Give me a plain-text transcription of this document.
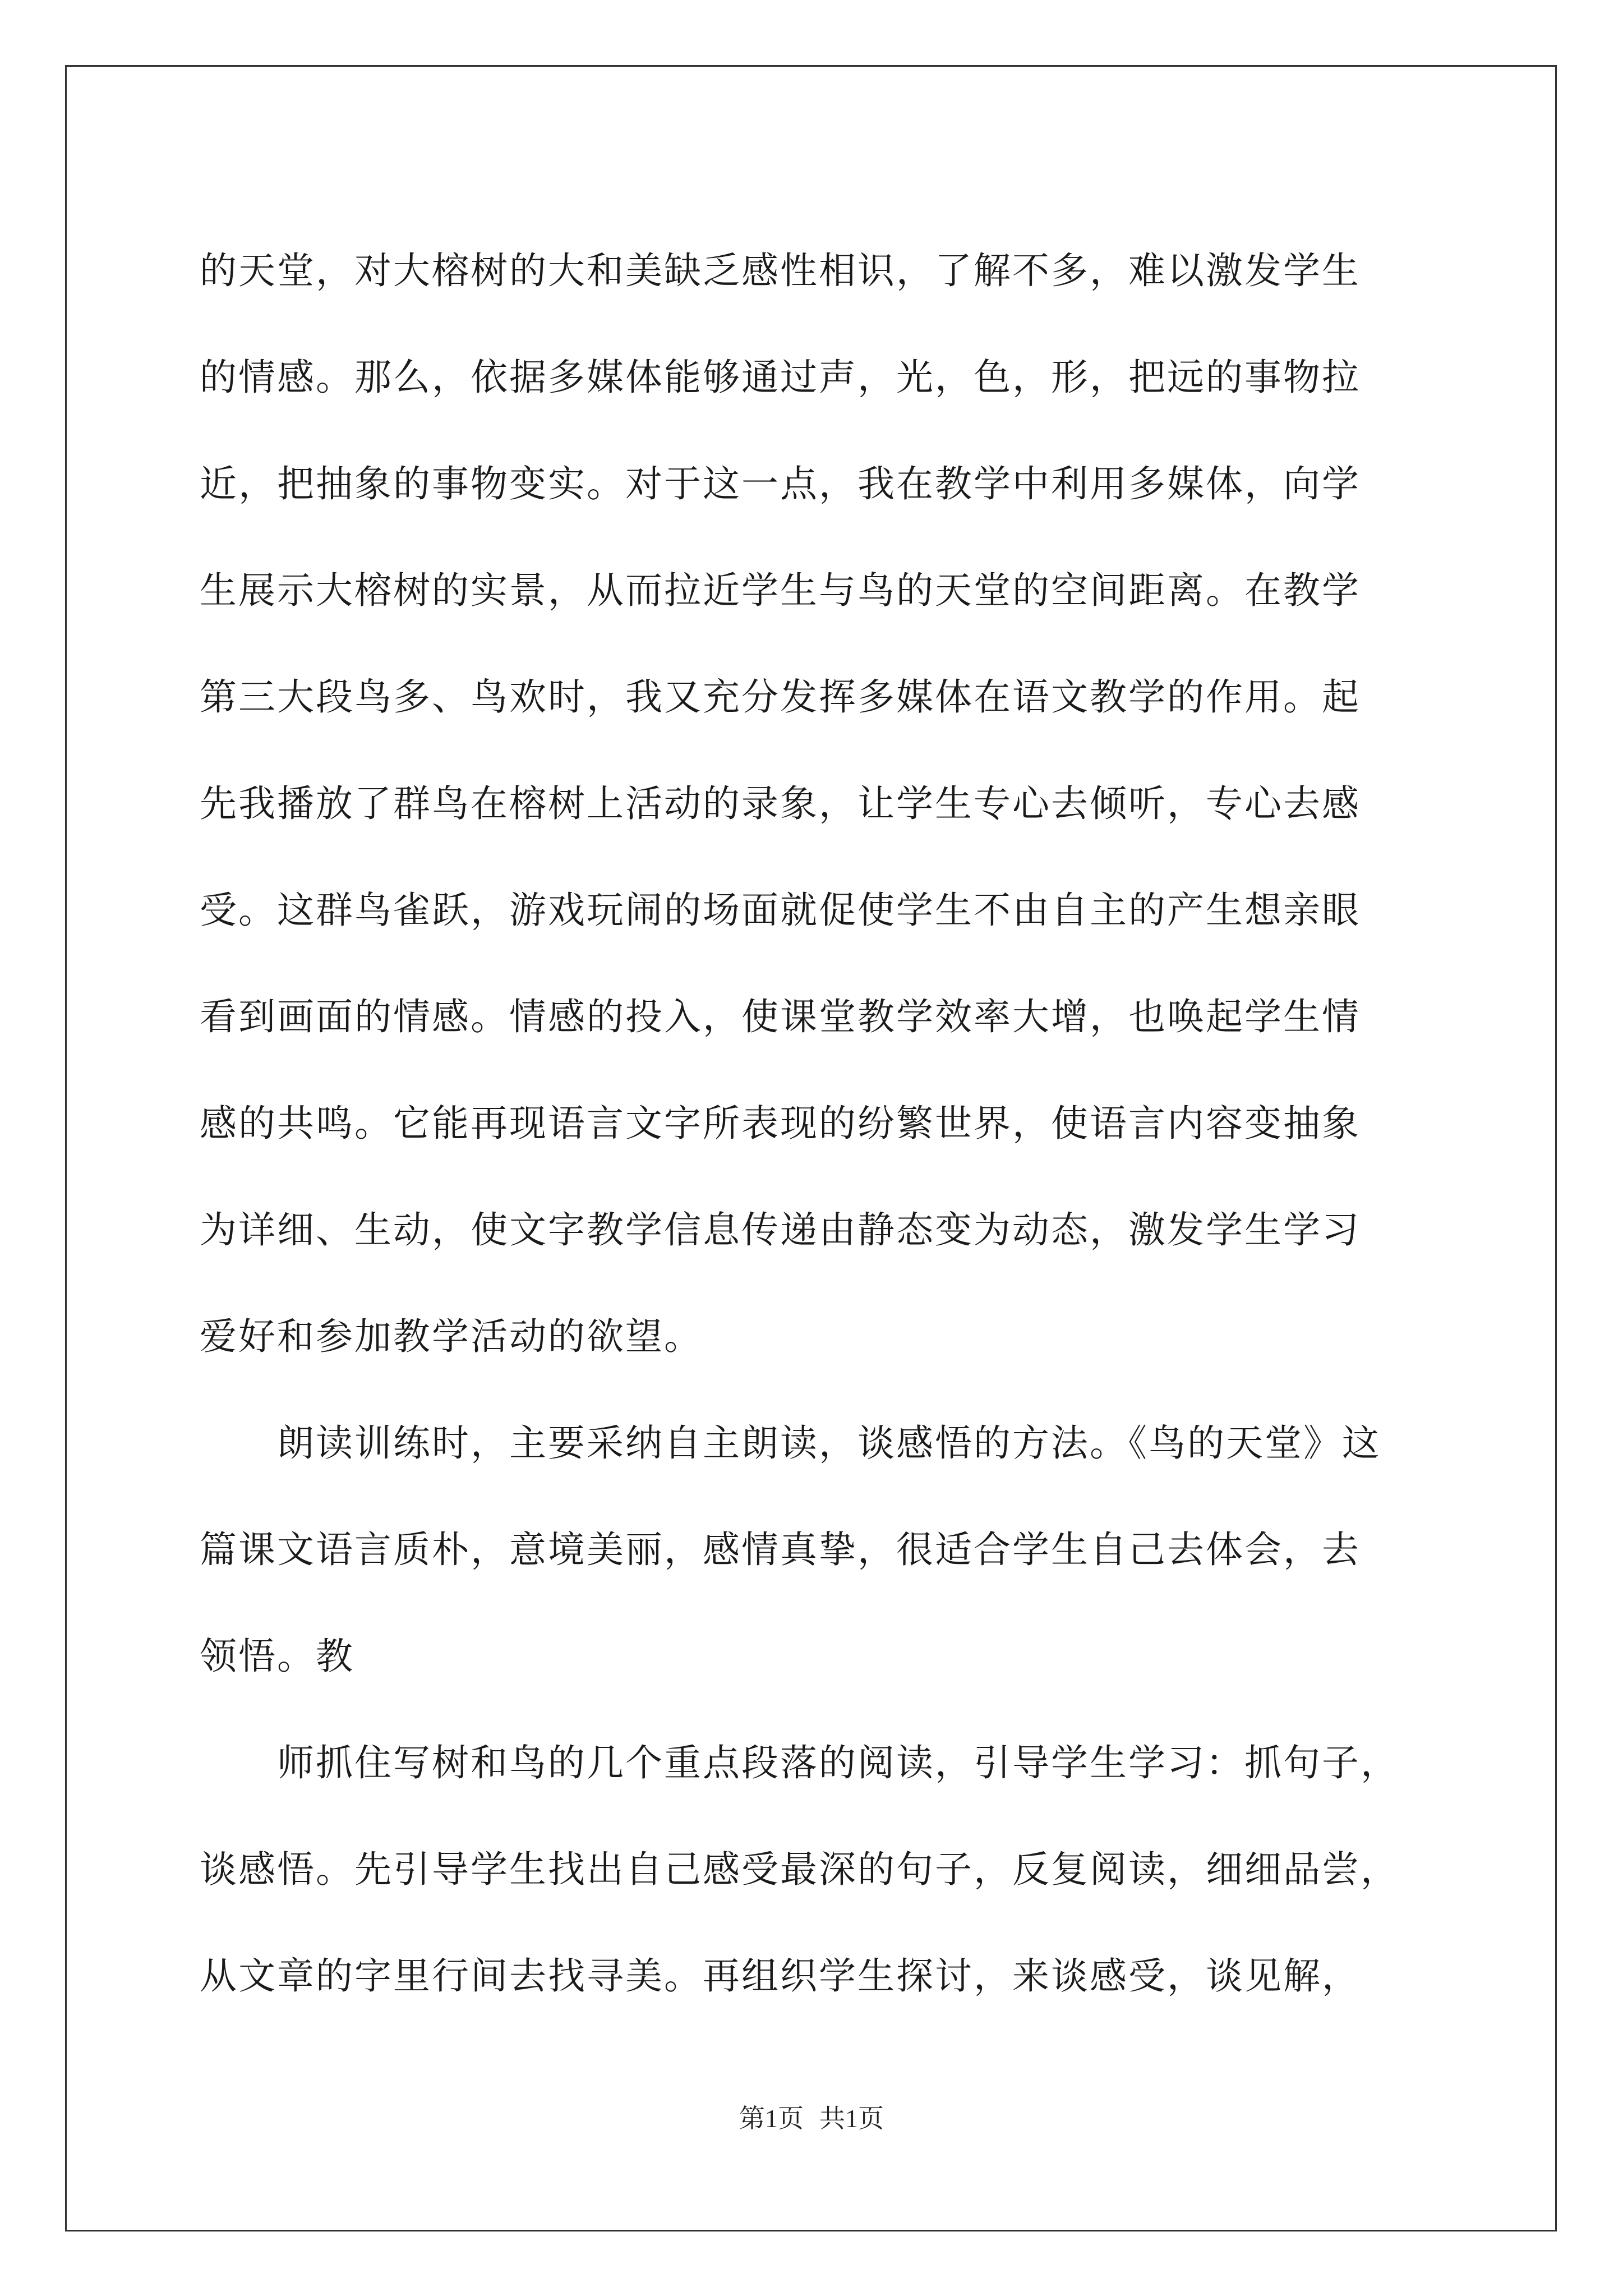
的天堂，对大榕树的大和美缺乏感性相识，了解不多，难以激发学生
的情感。那么，依据多媒体能够通过声，光，色，形，把远的事物拉
近，把抽象的事物变实。对于这一点，我在教学中利用多媒体，向学
生展示大榕树的实景，从而拉近学生与鸟的天堂的空间距离。在教学
第三大段鸟多、鸟欢时，我又充分发挥多媒体在语文教学的作用。起
先我播放了群鸟在榕树上活动的录象，让学生专心去倾听，专心去感
受。这群鸟雀跃，游戏玩闹的场面就促使学生不由自主的产生想亲眼
看到画面的情感。情感的投入，使课堂教学效率大增，也唤起学生情
感的共鸣。它能再现语言文字所表现的纷繁世界，使语言内容变抽象
为详细、生动，使文字教学信息传递由静态变为动态，激发学生学习
爱好和参加教学活动的欲望。
　　朗读训练时，主要采纳自主朗读，谈感悟的方法。《鸟的天堂》这
篇课文语言质朴，意境美丽，感情真挚，很适合学生自己去体会，去
领悟。教
　　师抓住写树和鸟的几个重点段落的阅读，引导学生学习：抓句子，
谈感悟。先引导学生找出自己感受最深的句子，反复阅读，细细品尝，
从文章的字里行间去找寻美。再组织学生探讨，来谈感受，谈见解，
第1页 共1页
